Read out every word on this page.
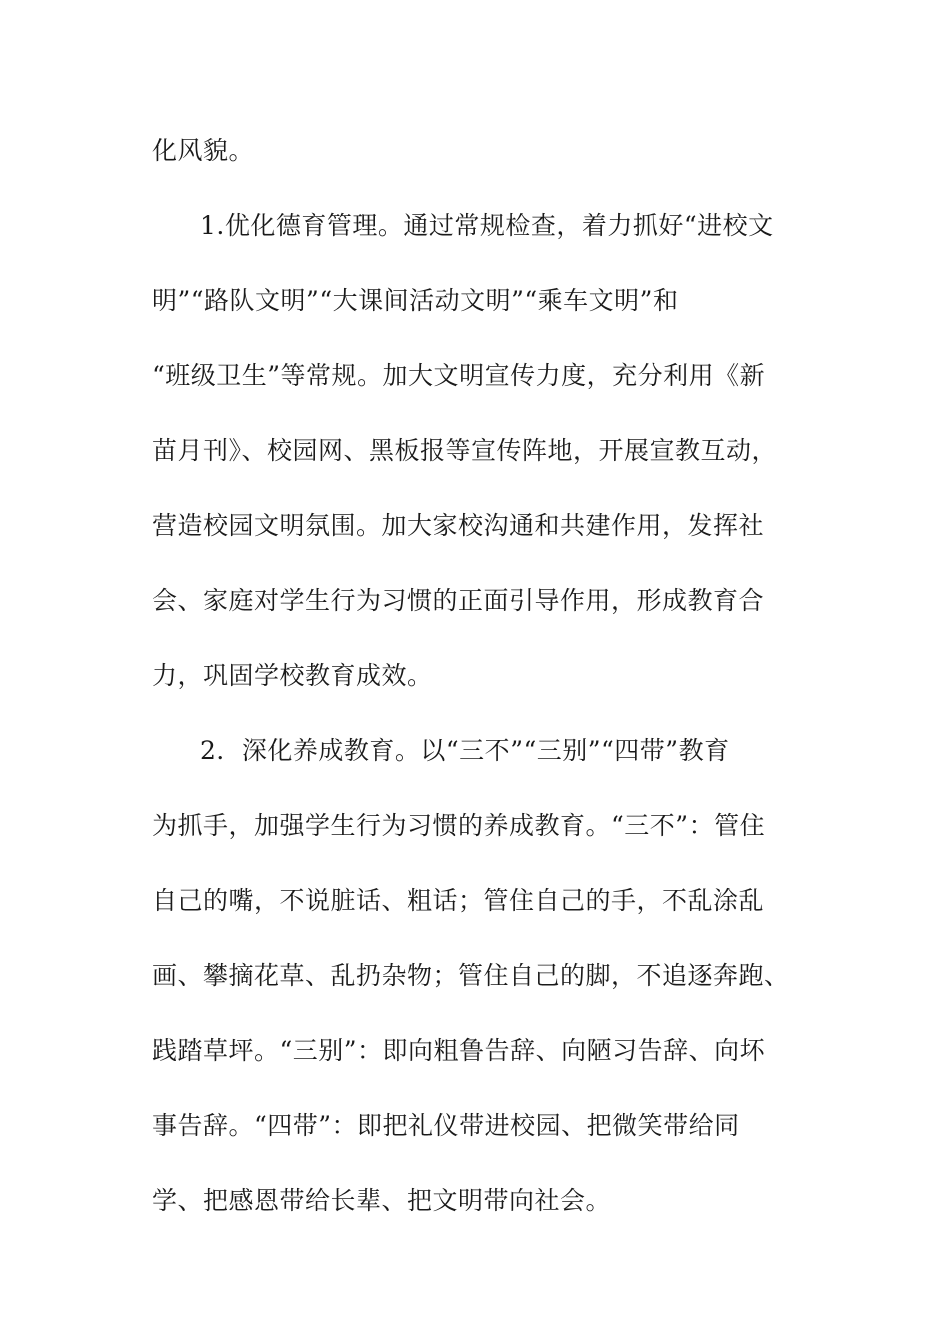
化风貌。
1.优化德育管理。通过常规检查，着力抓好“进校文
明”“路队文明”“大课间活动文明”“乘车文明”和
“班级卫生”等常规。加大文明宣传力度，充分利用《新
苗月刊》、校园网、黑板报等宣传阵地，开展宣教互动，
营造校园文明氛围。加大家校沟通和共建作用，发挥社
会、家庭对学生行为习惯的正面引导作用，形成教育合
力，巩固学校教育成效。
2．深化养成教育。以“三不”“三别”“四带”教育
为抓手，加强学生行为习惯的养成教育。“三不”：管住
自己的嘴，不说脏话、粗话；管住自己的手，不乱涂乱
画、攀摘花草、乱扔杂物；管住自己的脚，不追逐奔跑、
践踏草坪。“三别”：即向粗鲁告辞、向陋习告辞、向坏
事告辞。“四带”：即把礼仪带进校园、把微笑带给同
学、把感恩带给长辈、把文明带向社会。
